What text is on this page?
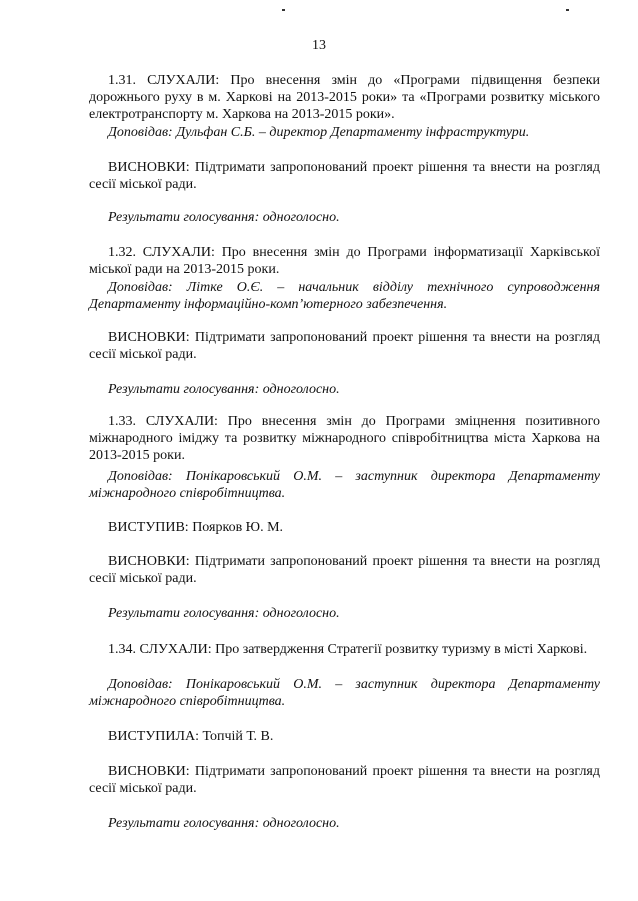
13
1.31. СЛУХАЛИ: Про внесення змін до «Програми підвищення безпеки дорожнього руху в м. Харкові на 2013-2015 роки» та «Програми розвитку міського електротранспорту м. Харкова на 2013-2015 роки».
Доповідав: Дульфан С.Б. – директор Департаменту інфраструктури.
ВИСНОВКИ: Підтримати запропонований проект рішення та внести на розгляд сесії міської ради.
Результати голосування: одноголосно.
1.32. СЛУХАЛИ: Про внесення змін до Програми інформатизації Харківської міської ради на 2013-2015 роки.
Доповідав: Літке О.Є. – начальник відділу технічного супроводження Департаменту інформаційно-комп’ютерного забезпечення.
ВИСНОВКИ: Підтримати запропонований проект рішення та внести на розгляд сесії міської ради.
Результати голосування: одноголосно.
1.33. СЛУХАЛИ: Про внесення змін до Програми зміцнення позитивного міжнародного іміджу та розвитку міжнародного співробітництва міста Харкова на 2013-2015 роки.
Доповідав: Понікаровський О.М. – заступник директора Департаменту міжнародного співробітництва.
ВИСТУПИВ: Поярков Ю. М.
ВИСНОВКИ: Підтримати запропонований проект рішення та внести на розгляд сесії міської ради.
Результати голосування: одноголосно.
1.34. СЛУХАЛИ: Про затвердження Стратегії розвитку туризму в місті Харкові.
Доповідав: Понікаровський О.М. – заступник директора Департаменту міжнародного співробітництва.
ВИСТУПИЛА: Топчій Т. В.
ВИСНОВКИ: Підтримати запропонований проект рішення та внести на розгляд сесії міської ради.
Результати голосування: одноголосно.
